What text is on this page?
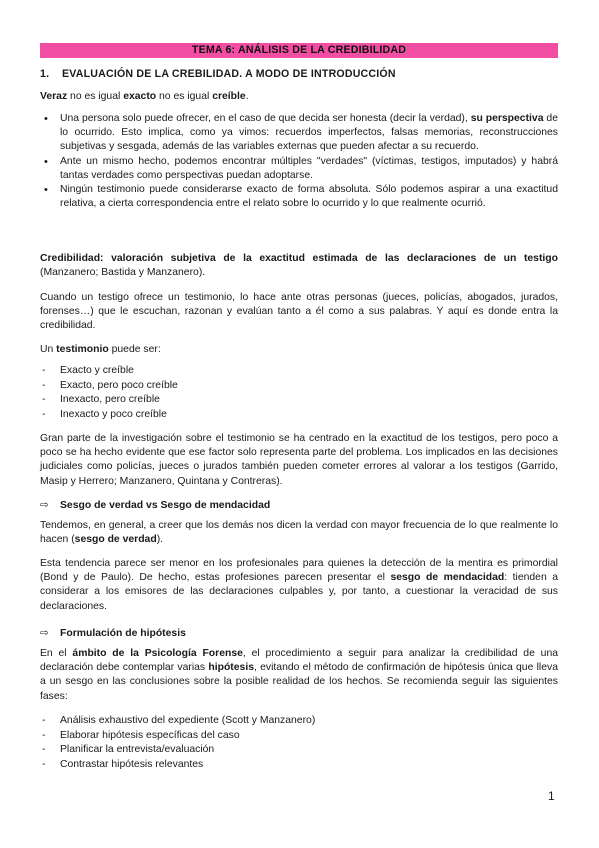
TEMA 6: ANÁLISIS DE LA CREDIBILIDAD
1. EVALUACIÓN DE LA CREBILIDAD. A MODO DE INTRODUCCIÓN
Veraz no es igual exacto no es igual creíble.
• Una persona solo puede ofrecer, en el caso de que decida ser honesta (decir la verdad), su perspectiva de lo ocurrido. Esto implica, como ya vimos: recuerdos imperfectos, falsas memorias, reconstrucciones subjetivas y sesgada, además de las variables externas que pueden afectar a su recuerdo.
• Ante un mismo hecho, podemos encontrar múltiples "verdades" (víctimas, testigos, imputados) y habrá tantas verdades como perspectivas puedan adoptarse.
• Ningún testimonio puede considerarse exacto de forma absoluta. Sólo podemos aspirar a una exactitud relativa, a cierta correspondencia entre el relato sobre lo ocurrido y lo que realmente ocurrió.
Credibilidad: valoración subjetiva de la exactitud estimada de las declaraciones de un testigo (Manzanero; Bastida y Manzanero).
Cuando un testigo ofrece un testimonio, lo hace ante otras personas (jueces, policías, abogados, jurados, forenses…) que le escuchan, razonan y evalúan tanto a él como a sus palabras. Y aquí es donde entra la credibilidad.
Un testimonio puede ser:
- Exacto y creíble
- Exacto, pero poco creíble
- Inexacto, pero creíble
- Inexacto y poco creíble
Gran parte de la investigación sobre el testimonio se ha centrado en la exactitud de los testigos, pero poco a poco se ha hecho evidente que ese factor solo representa parte del problema. Los implicados en las decisiones judiciales como policías, jueces o jurados también pueden cometer errores al valorar a los testigos (Garrido, Masip y Herrero; Manzanero, Quintana y Contreras).
⇨ Sesgo de verdad vs Sesgo de mendacidad
Tendemos, en general, a creer que los demás nos dicen la verdad con mayor frecuencia de lo que realmente lo hacen (sesgo de verdad).
Esta tendencia parece ser menor en los profesionales para quienes la detección de la mentira es primordial (Bond y de Paulo). De hecho, estas profesiones parecen presentar el sesgo de mendacidad: tienden a considerar a los emisores de las declaraciones culpables y, por tanto, a cuestionar la veracidad de sus declaraciones.
⇨ Formulación de hipótesis
En el ámbito de la Psicología Forense, el procedimiento a seguir para analizar la credibilidad de una declaración debe contemplar varias hipótesis, evitando el método de confirmación de hipótesis única que lleva a un sesgo en las conclusiones sobre la posible realidad de los hechos. Se recomienda seguir las siguientes fases:
- Análisis exhaustivo del expediente (Scott y Manzanero)
- Elaborar hipótesis específicas del caso
- Planificar la entrevista/evaluación
- Contrastar hipótesis relevantes
1
